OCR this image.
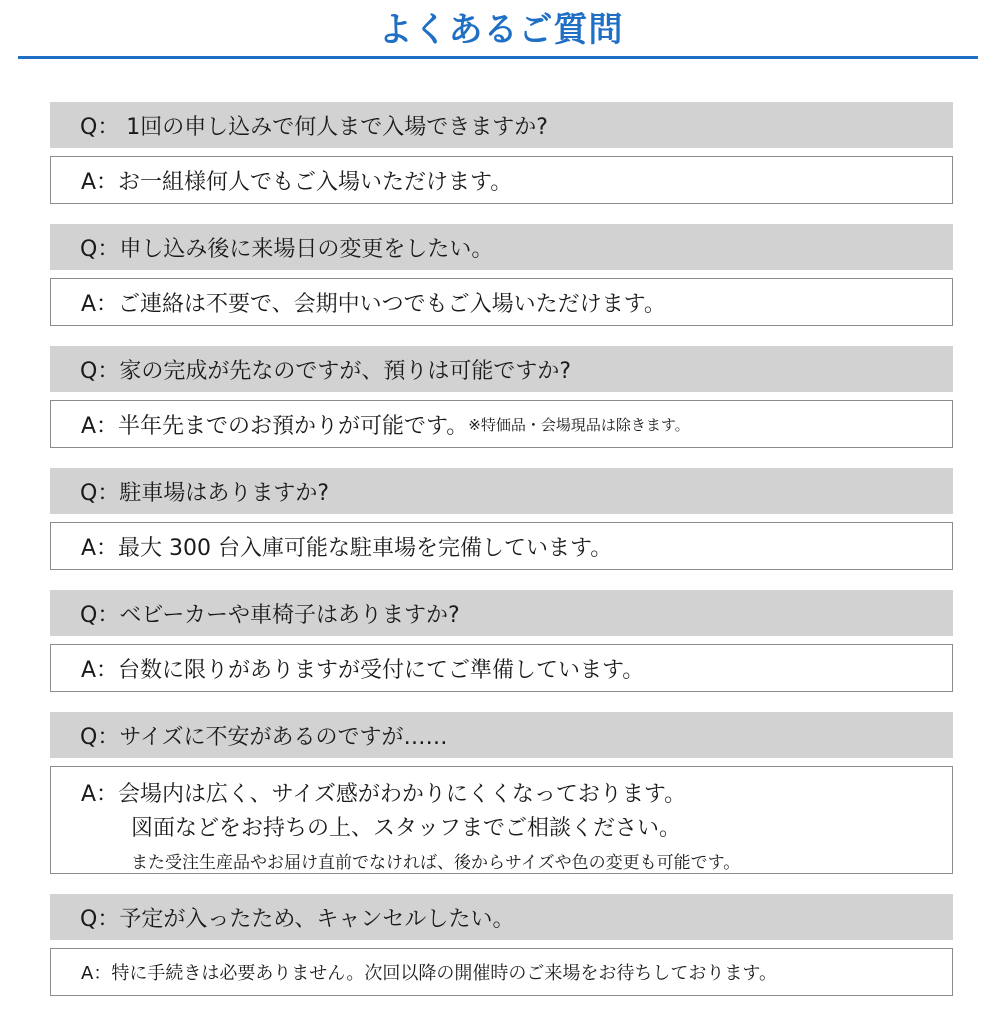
よくあるご質問
Q： 1回の申し込みで何人まで入場できますか?
A：お一組様何人でもご入場いただけます。
Q：申し込み後に来場日の変更をしたい。
A：ご連絡は不要で、会期中いつでもご入場いただけます。
Q：家の完成が先なのですが、預りは可能ですか?
A：半年先までのお預かりが可能です。 ※特価品・会場現品は除きます。
Q：駐車場はありますか?
A：最大 300 台入庫可能な駐車場を完備しています。
Q：ベビーカーや車椅子はありますか?
A：台数に限りがありますが受付にてご準備しています。
Q：サイズに不安があるのですが……
A：会場内は広く、サイズ感がわかりにくくなっております。
図面などをお持ちの上、スタッフまでご相談ください。
また受注生産品やお届け直前でなければ、後からサイズや色の変更も可能です。
Q：予定が入ったため、キャンセルしたい。
A：特に手続きは必要ありません。次回以降の開催時のご来場をお待ちしております。
